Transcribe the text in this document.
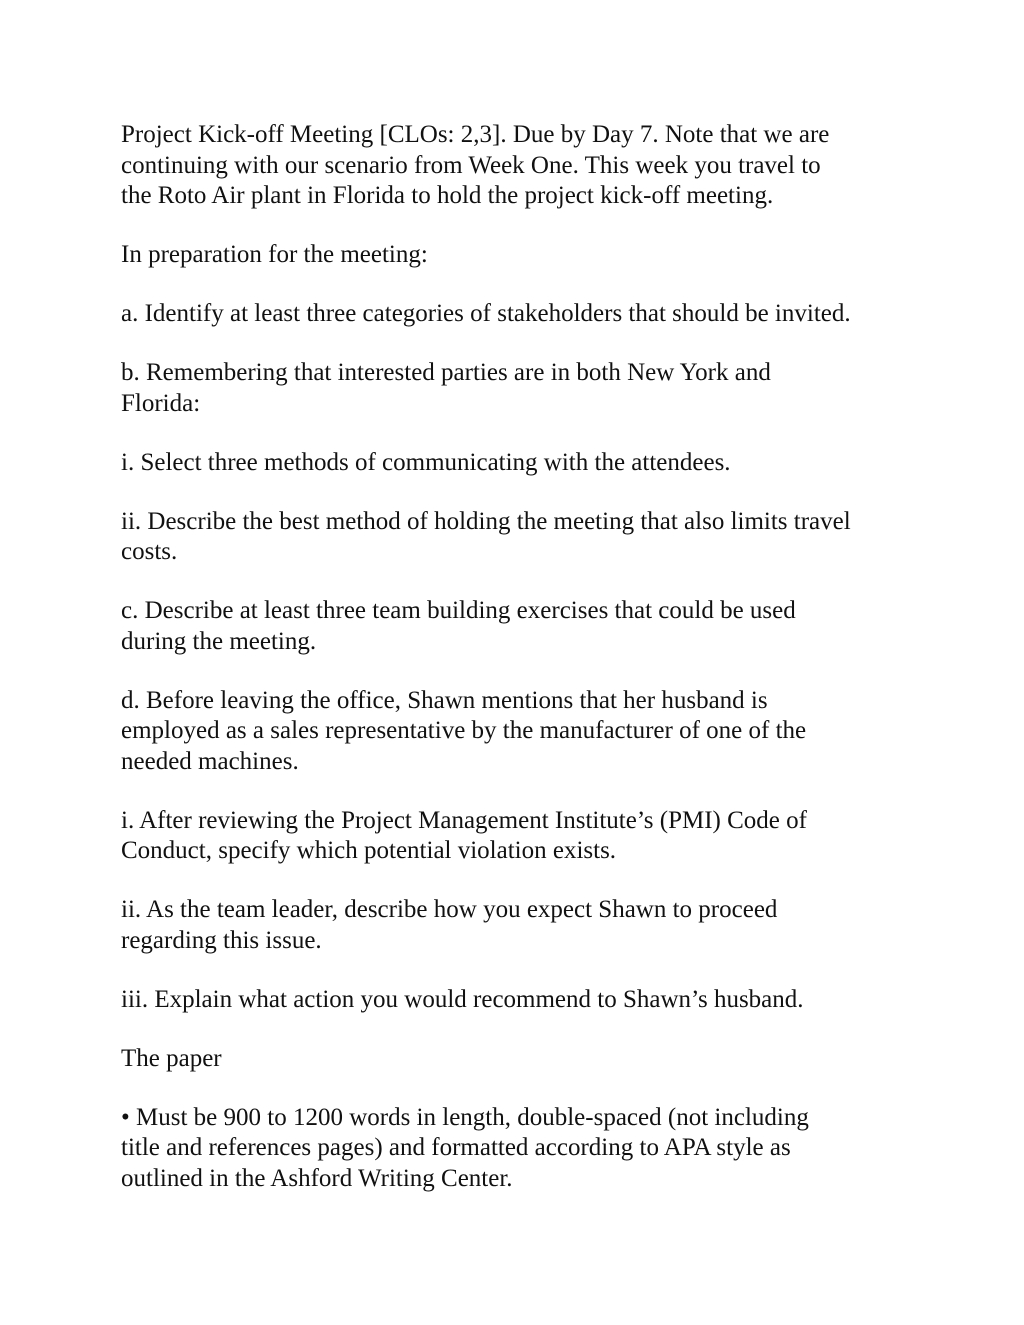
Project Kick-off Meeting [CLOs: 2,3]. Due by Day 7. Note that we are
continuing with our scenario from Week One. This week you travel to
the Roto Air plant in Florida to hold the project kick-off meeting.

In preparation for the meeting:

a. Identify at least three categories of stakeholders that should be invited.

b. Remembering that interested parties are in both New York and
Florida:

i. Select three methods of communicating with the attendees.

ii. Describe the best method of holding the meeting that also limits travel
costs.

c. Describe at least three team building exercises that could be used
during the meeting.

d. Before leaving the office, Shawn mentions that her husband is
employed as a sales representative by the manufacturer of one of the
needed machines.

i. After reviewing the Project Management Institute’s (PMI) Code of
Conduct, specify which potential violation exists.

ii. As the team leader, describe how you expect Shawn to proceed
regarding this issue.

iii. Explain what action you would recommend to Shawn’s husband.

The paper

• Must be 900 to 1200 words in length, double-spaced (not including
title and references pages) and formatted according to APA style as
outlined in the Ashford Writing Center.
